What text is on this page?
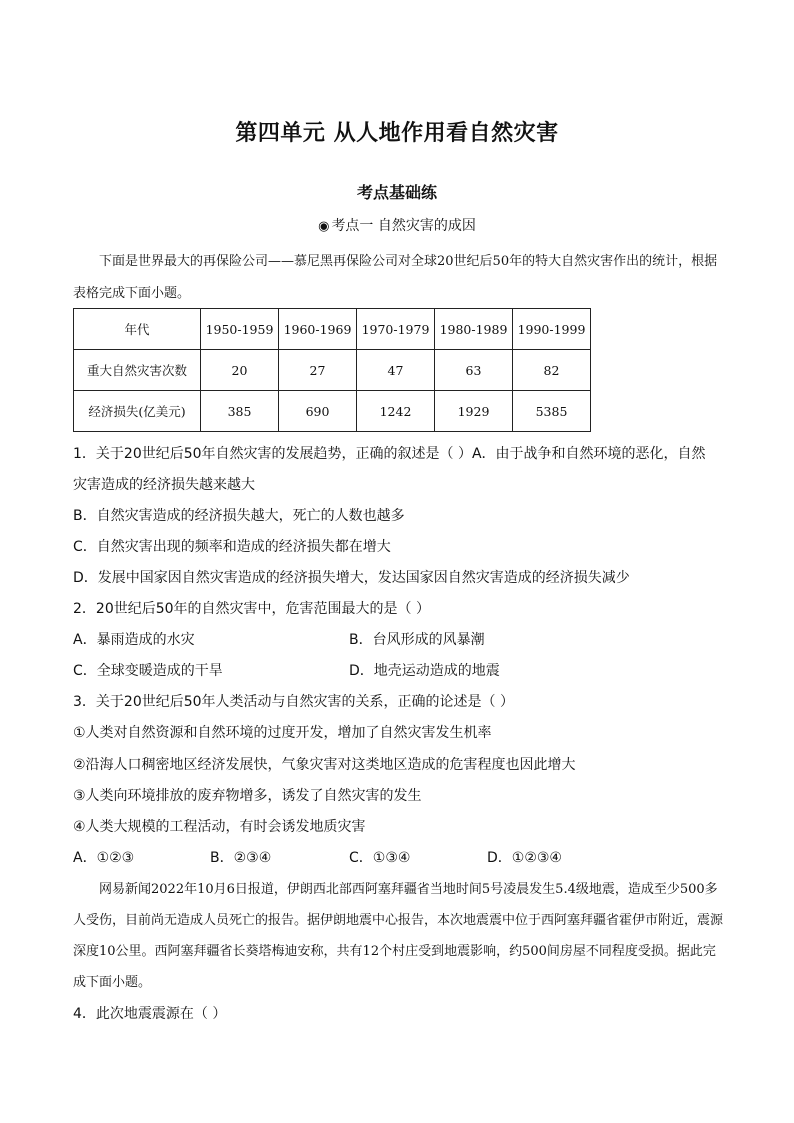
第四单元 从人地作用看自然灾害
考点基础练
◉ 考点一 自然灾害的成因
下面是世界最大的再保险公司——慕尼黑再保险公司对全球20世纪后50年的特大自然灾害作出的统计，根据表格完成下面小题。
年代	1950-1959	1960-1969	1970-1979	1980-1989	1990-1999
重大自然灾害次数	20	27	47	63	82
经济损失(亿美元)	385	690	1242	1929	5385
1．关于20世纪后50年自然灾害的发展趋势，正确的叙述是（ ）A．由于战争和自然环境的恶化，自然
灾害造成的经济损失越来越大
B．自然灾害造成的经济损失越大，死亡的人数也越多
C．自然灾害出现的频率和造成的经济损失都在增大
D．发展中国家因自然灾害造成的经济损失增大，发达国家因自然灾害造成的经济损失减少
2．20世纪后50年的自然灾害中，危害范围最大的是（ ）
A．暴雨造成的水灾	B．台风形成的风暴潮
C．全球变暖造成的干旱	D．地壳运动造成的地震
3．关于20世纪后50年人类活动与自然灾害的关系，正确的论述是（ ）
①人类对自然资源和自然环境的过度开发，增加了自然灾害发生机率
②沿海人口稠密地区经济发展快，气象灾害对这类地区造成的危害程度也因此增大
③人类向环境排放的废弃物增多，诱发了自然灾害的发生
④人类大规模的工程活动，有时会诱发地质灾害
A．①②③	B．②③④	C．①③④	D．①②③④
网易新闻2022年10月6日报道，伊朗西北部西阿塞拜疆省当地时间5号凌晨发生5.4级地震，造成至少500多人受伤，目前尚无造成人员死亡的报告。据伊朗地震中心报告，本次地震震中位于西阿塞拜疆省霍伊市附近，震源深度10公里。西阿塞拜疆省长葵塔梅迪安称，共有12个村庄受到地震影响，约500间房屋不同程度受损。据此完成下面小题。
4．此次地震震源在（ ）
